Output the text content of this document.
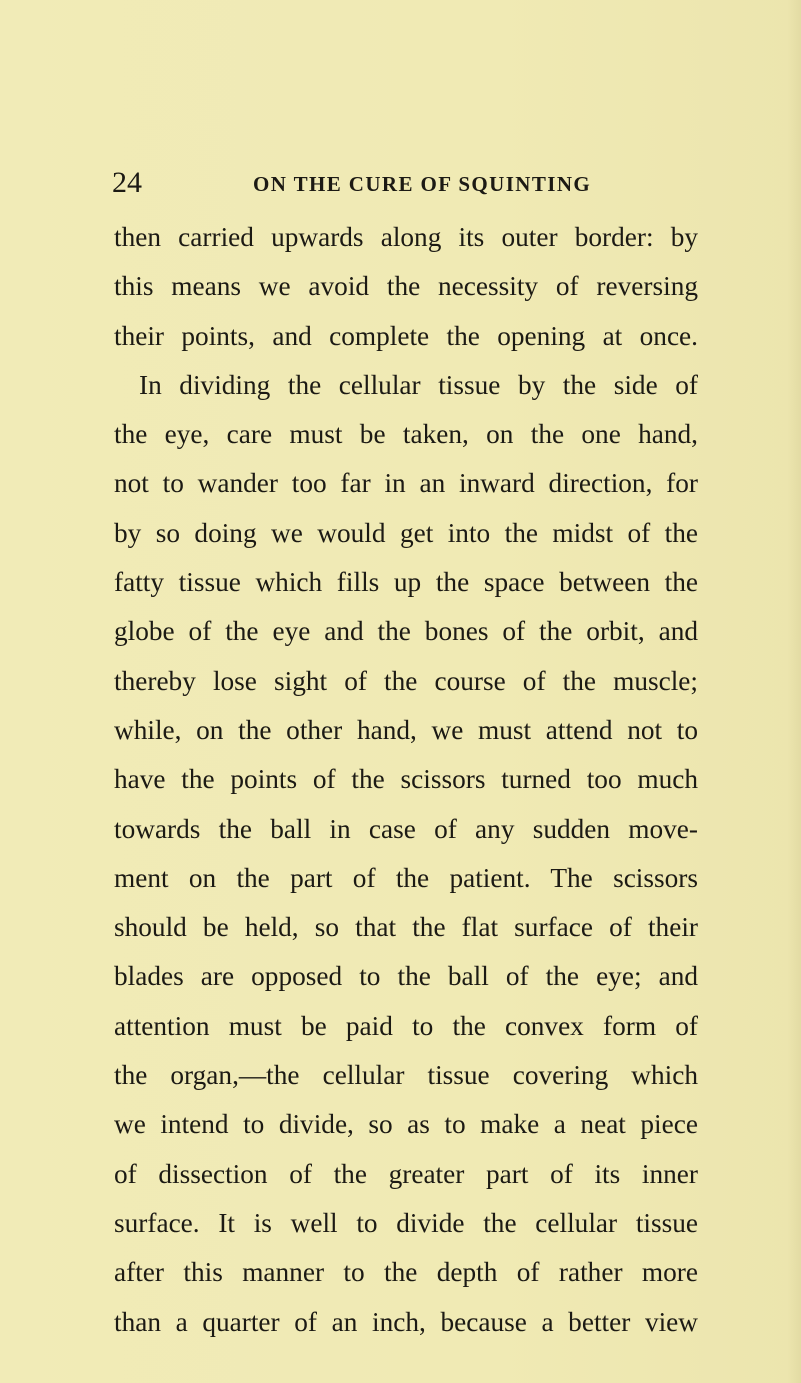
24	ON THE CURE OF SQUINTING
then carried upwards along its outer border: by
this means we avoid the necessity of reversing
their points, and complete the opening at once.
In dividing the cellular tissue by the side of
the eye, care must be taken, on the one hand,
not to wander too far in an inward direction, for
by so doing we would get into the midst of the
fatty tissue which fills up the space between the
globe of the eye and the bones of the orbit, and
thereby lose sight of the course of the muscle;
while, on the other hand, we must attend not to
have the points of the scissors turned too much
towards the ball in case of any sudden move-
ment on the part of the patient. The scissors
should be held, so that the flat surface of their
blades are opposed to the ball of the eye; and
attention must be paid to the convex form of
the organ,—the cellular tissue covering which
we intend to divide, so as to make a neat piece
of dissection of the greater part of its inner
surface. It is well to divide the cellular tissue
after this manner to the depth of rather more
than a quarter of an inch, because a better view
